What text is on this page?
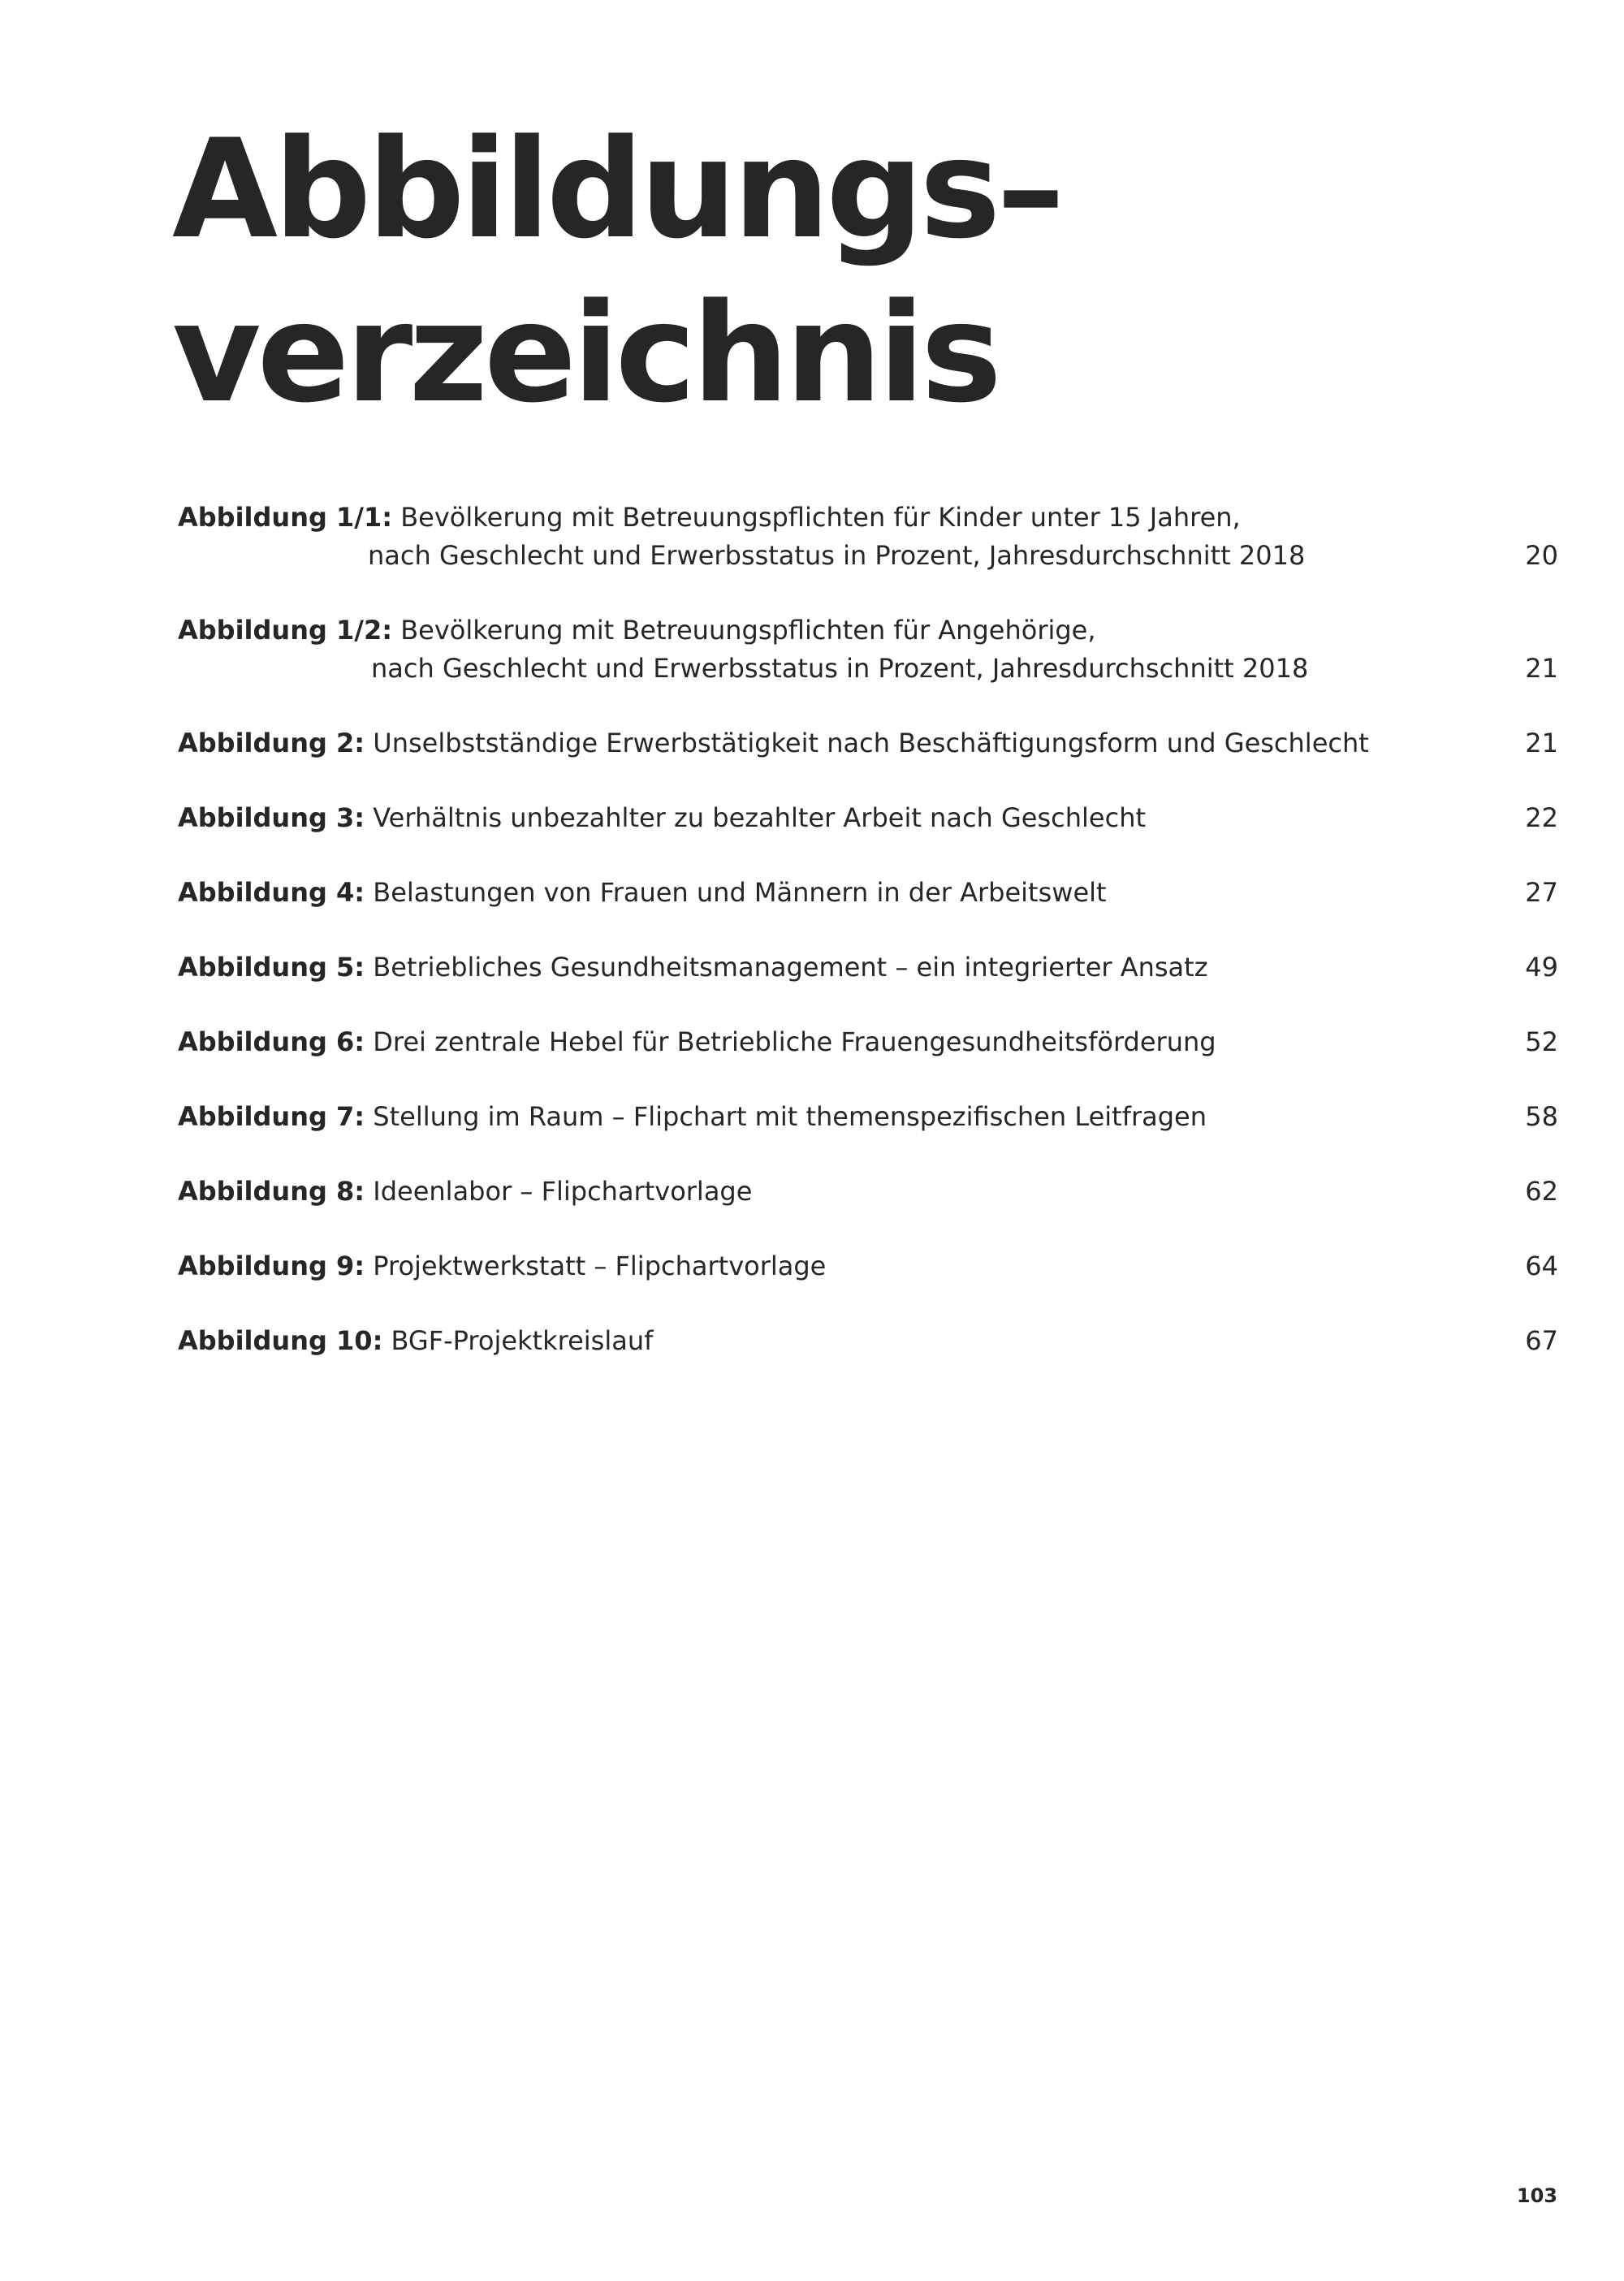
Abbildungs–
verzeichnis
Abbildung 1/1: Bevölkerung mit Betreuungspflichten für Kinder unter 15 Jahren,
nach Geschlecht und Erwerbsstatus in Prozent, Jahresdurchschnitt 2018	20
Abbildung 1/2: Bevölkerung mit Betreuungspflichten für Angehörige,
nach Geschlecht und Erwerbsstatus in Prozent, Jahresdurchschnitt 2018	21
Abbildung 2: Unselbstständige Erwerbstätigkeit nach Beschäftigungsform und Geschlecht	21
Abbildung 3: Verhältnis unbezahlter zu bezahlter Arbeit nach Geschlecht	22
Abbildung 4: Belastungen von Frauen und Männern in der Arbeitswelt	27
Abbildung 5: Betriebliches Gesundheitsmanagement – ein integrierter Ansatz	49
Abbildung 6: Drei zentrale Hebel für Betriebliche Frauengesundheitsförderung	52
Abbildung 7: Stellung im Raum – Flipchart mit themenspezifischen Leitfragen	58
Abbildung 8: Ideenlabor – Flipchartvorlage	62
Abbildung 9: Projektwerkstatt – Flipchartvorlage	64
Abbildung 10: BGF-Projektkreislauf	67
103
